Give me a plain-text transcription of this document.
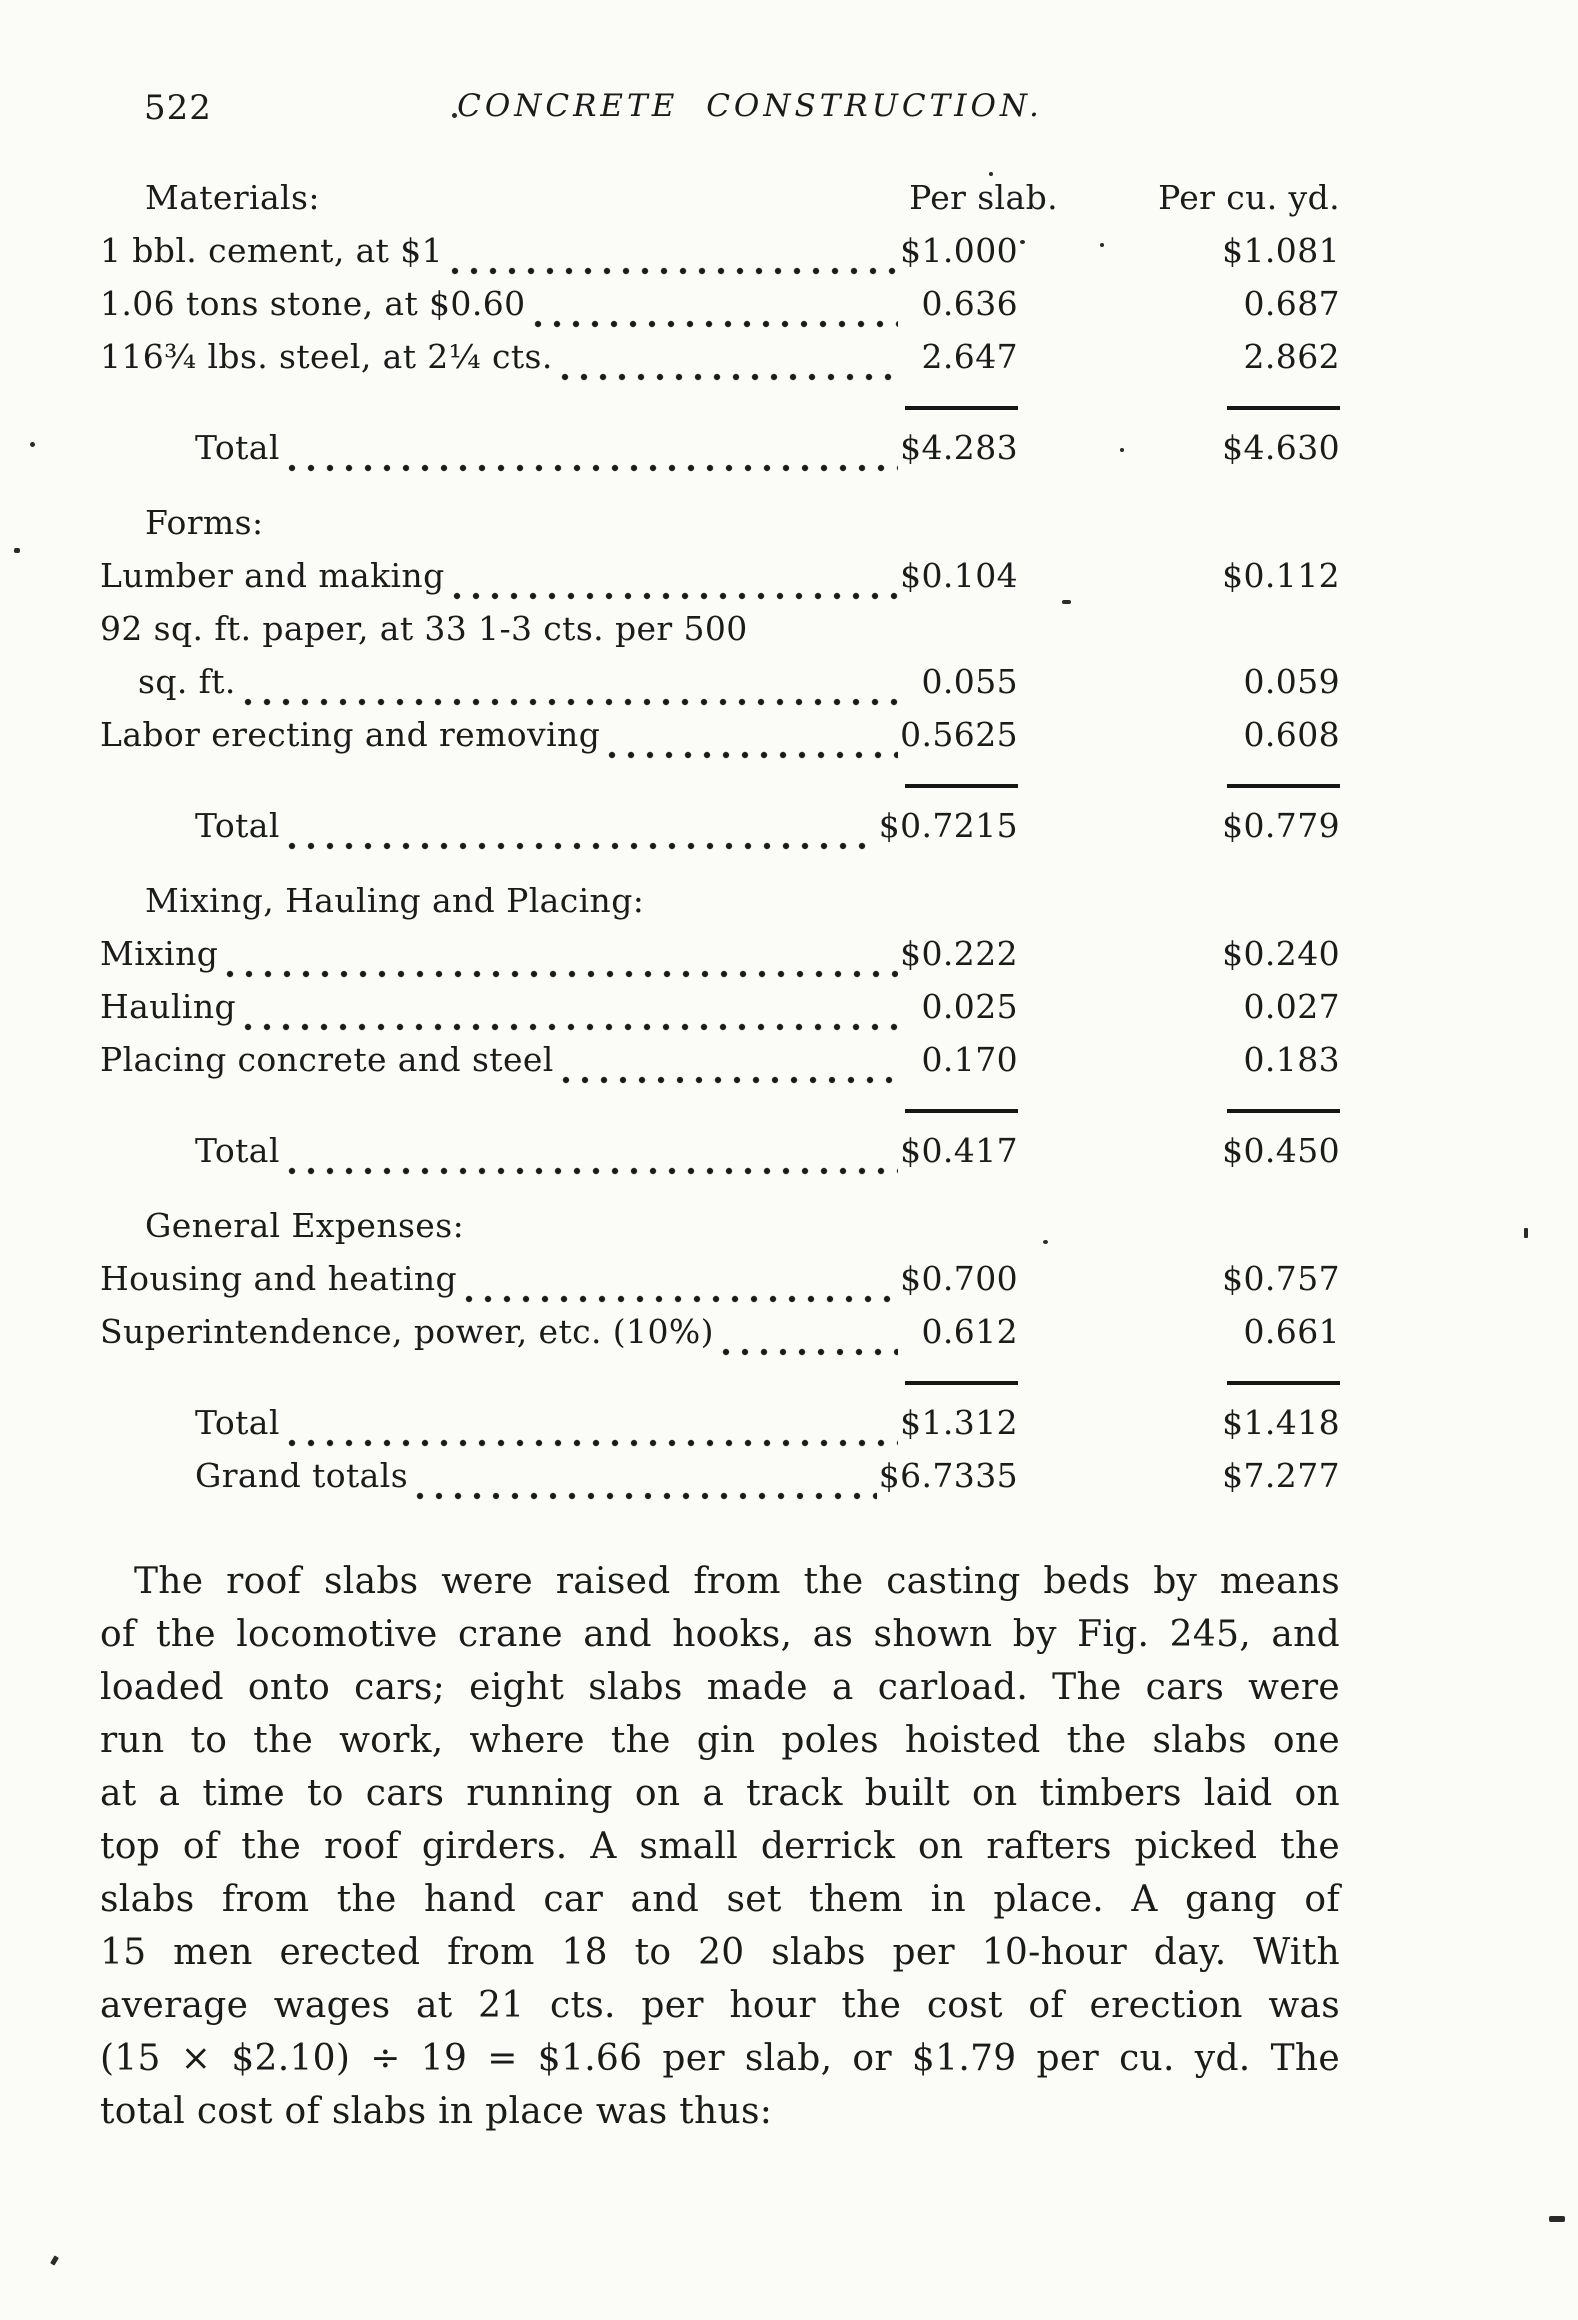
522	CONCRETE CONSTRUCTION.
Materials:	Per slab.	Per cu. yd.
1 bbl. cement, at $1	$1.000	$1.081
1.06 tons stone, at $0.60	0.636	0.687
116¾ lbs. steel, at 2¼ cts.	2.647	2.862
Total	$4.283	$4.630
Forms:
Lumber and making	$0.104	$0.112
92 sq. ft. paper, at 33 1-3 cts. per 500
sq. ft.	0.055	0.059
Labor erecting and removing	0.5625	0.608
Total	$0.7215	$0.779
Mixing, Hauling and Placing:
Mixing	$0.222	$0.240
Hauling	0.025	0.027
Placing concrete and steel	0.170	0.183
Total	$0.417	$0.450
General Expenses:
Housing and heating	$0.700	$0.757
Superintendence, power, etc. (10%)	0.612	0.661
Total	$1.312	$1.418
Grand totals	$6.7335	$7.277
The roof slabs were raised from the casting beds by means
of the locomotive crane and hooks, as shown by Fig. 245, and
loaded onto cars; eight slabs made a carload. The cars were
run to the work, where the gin poles hoisted the slabs one
at a time to cars running on a track built on timbers laid on
top of the roof girders. A small derrick on rafters picked the
slabs from the hand car and set them in place. A gang of
15 men erected from 18 to 20 slabs per 10-hour day. With
average wages at 21 cts. per hour the cost of erection was
(15 × $2.10) ÷ 19 = $1.66 per slab, or $1.79 per cu. yd. The
total cost of slabs in place was thus:
